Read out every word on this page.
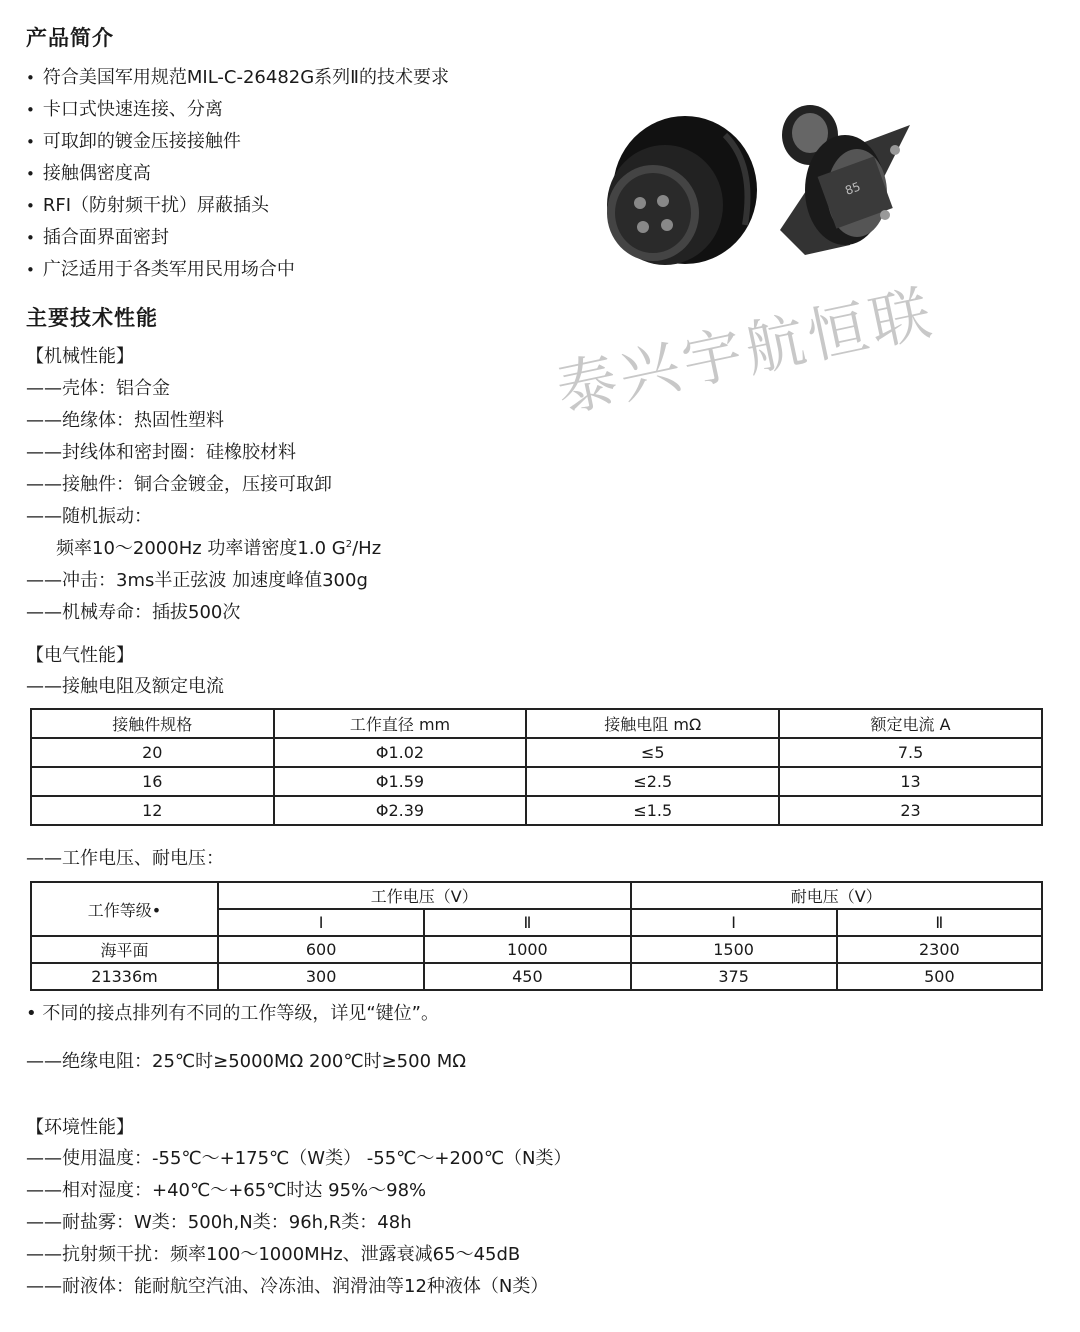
产品简介
• 符合美国军用规范MIL-C-26482G系列Ⅱ的技术要求
• 卡口式快速连接、分离
• 可取卸的镀金压接接触件
• 接触偶密度高
• RFI（防射频干扰）屏蔽插头
• 插合面界面密封
• 广泛适用于各类军用民用场合中
85
泰兴宇航恒联
主要技术性能
【机械性能】
——壳体：铝合金
——绝缘体：热固性塑料
——封线体和密封圈：硅橡胶材料
——接触件：铜合金镀金，压接可取卸
——随机振动：
频率10～2000Hz 功率谱密度1.0 $G^2/Hz$
——冲击：3ms半正弦波 加速度峰值300g
——机械寿命：插拔500次
【电气性能】
——接触电阻及额定电流
接触件规格	工作直径 mm	接触电阻 mΩ	额定电流 A
20	Φ1.02	≤5	7.5
16	Φ1.59	≤2.5	13
12	Φ2.39	≤1.5	23
——工作电压、耐电压：
工作等级•	工作电压（V）		耐电压（V）	
	Ⅰ	Ⅱ	Ⅰ	Ⅱ
海平面	600	1000	1500	2300
21336m	300	450	375	500
• 不同的接点排列有不同的工作等级，详见“键位”。
——绝缘电阻：25℃时≥5000MΩ 200℃时≥500 MΩ
【环境性能】
——使用温度：-55℃～+175℃（W类） -55℃～+200℃（N类）
——相对湿度：+40℃～+65℃时达 95%～98%
——耐盐雾：W类：500h,N类：96h,R类：48h
——抗射频干扰：频率100～1000MHz、泄露衰减65～45dB
——耐液体：能耐航空汽油、冷冻油、润滑油等12种液体（N类）
